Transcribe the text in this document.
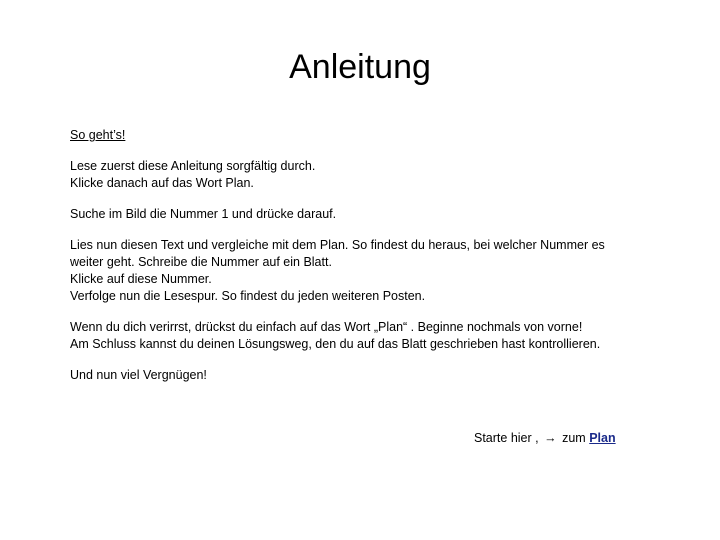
Anleitung

So geht’s!

Lese zuerst diese Anleitung sorgfältig durch.
Klicke danach auf das Wort Plan.

Suche im Bild die Nummer 1 und drücke darauf.

Lies nun diesen Text und vergleiche mit dem Plan. So findest du heraus, bei welcher Nummer es
weiter geht. Schreibe die Nummer auf ein Blatt.
Klicke auf diese Nummer.
Verfolge nun die Lesespur. So findest du jeden weiteren Posten.

Wenn du dich verirrst, drückst du einfach auf das Wort „Plan“ . Beginne nochmals von vorne!
Am Schluss kannst du deinen Lösungsweg, den du auf das Blatt geschrieben hast kontrollieren.

Und nun viel Vergnügen!

Starte hier , → zum Plan
